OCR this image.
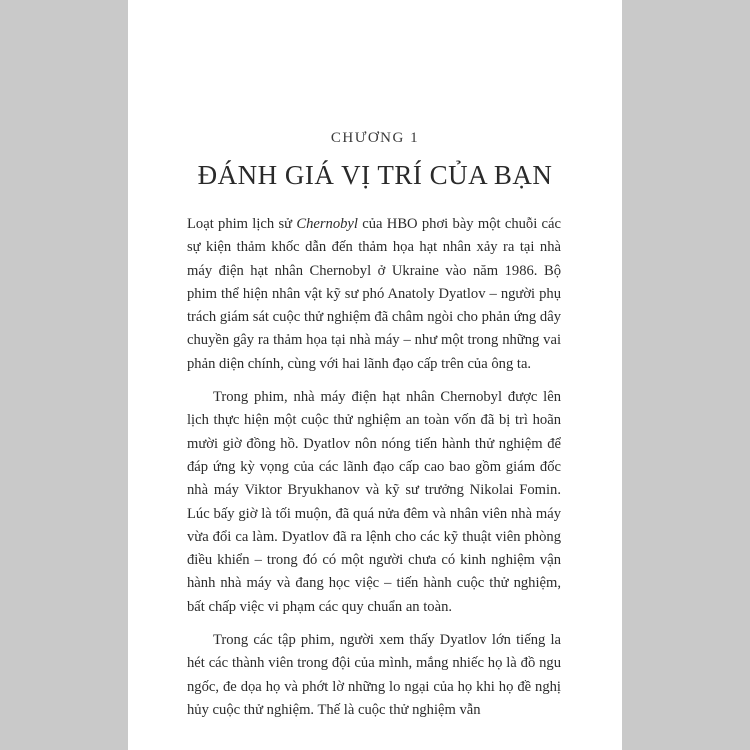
CHƯƠNG 1
ĐÁNH GIÁ VỊ TRÍ CỦA BẠN

Loạt phim lịch sử Chernobyl của HBO phơi bày một chuỗi các sự kiện thảm khốc dẫn đến thảm họa hạt nhân xảy ra tại nhà máy điện hạt nhân Chernobyl ở Ukraine vào năm 1986. Bộ phim thể hiện nhân vật kỹ sư phó Anatoly Dyatlov – người phụ trách giám sát cuộc thử nghiệm đã châm ngòi cho phản ứng dây chuyền gây ra thảm họa tại nhà máy – như một trong những vai phản diện chính, cùng với hai lãnh đạo cấp trên của ông ta.

Trong phim, nhà máy điện hạt nhân Chernobyl được lên lịch thực hiện một cuộc thử nghiệm an toàn vốn đã bị trì hoãn mười giờ đồng hồ. Dyatlov nôn nóng tiến hành thử nghiệm để đáp ứng kỳ vọng của các lãnh đạo cấp cao bao gồm giám đốc nhà máy Viktor Bryukhanov và kỹ sư trưởng Nikolai Fomin. Lúc bấy giờ là tối muộn, đã quá nửa đêm và nhân viên nhà máy vừa đổi ca làm. Dyatlov đã ra lệnh cho các kỹ thuật viên phòng điều khiển – trong đó có một người chưa có kinh nghiệm vận hành nhà máy và đang học việc – tiến hành cuộc thử nghiệm, bất chấp việc vi phạm các quy chuẩn an toàn.

Trong các tập phim, người xem thấy Dyatlov lớn tiếng la hét các thành viên trong đội của mình, mắng nhiếc họ là đồ ngu ngốc, đe dọa họ và phớt lờ những lo ngại của họ khi họ đề nghị hủy cuộc thử nghiệm. Thế là cuộc thử nghiệm vẫn
